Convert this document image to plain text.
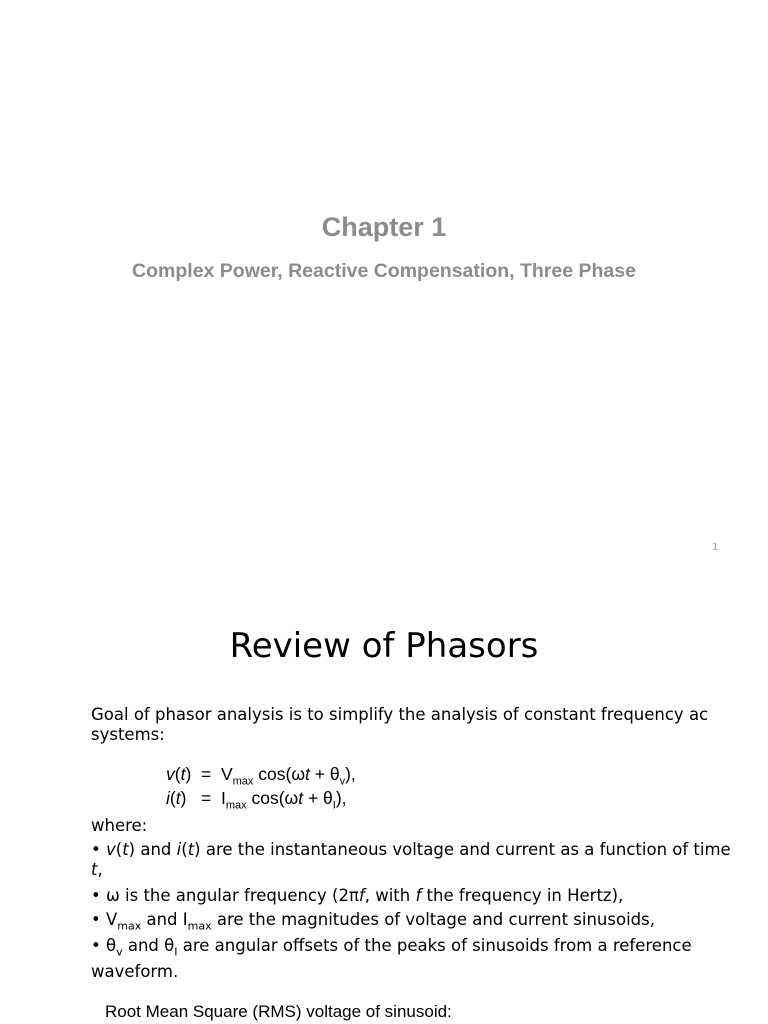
Chapter 1
Complex Power, Reactive Compensation, Three Phase
1
Review of Phasors
Goal of phasor analysis is to simplify the analysis of constant frequency ac systems:
$v(t) = V_{max}$ $\cos(\omega t + \theta_v)$,
$i(t) = I_{max}$ $\cos(\omega t + \theta_I)$,
where:
• v(t) and i(t) are the instantaneous voltage and current as a function of time t,
• ω is the angular frequency (2πf, with f the frequency in Hertz),
• $V_{max}$ and $I_{max}$ are the magnitudes of voltage and current sinusoids,
• $\theta_v$ and $\theta_I$ are angular offsets of the peaks of sinusoids from a reference waveform.
Root Mean Square (RMS) voltage of sinusoid:
